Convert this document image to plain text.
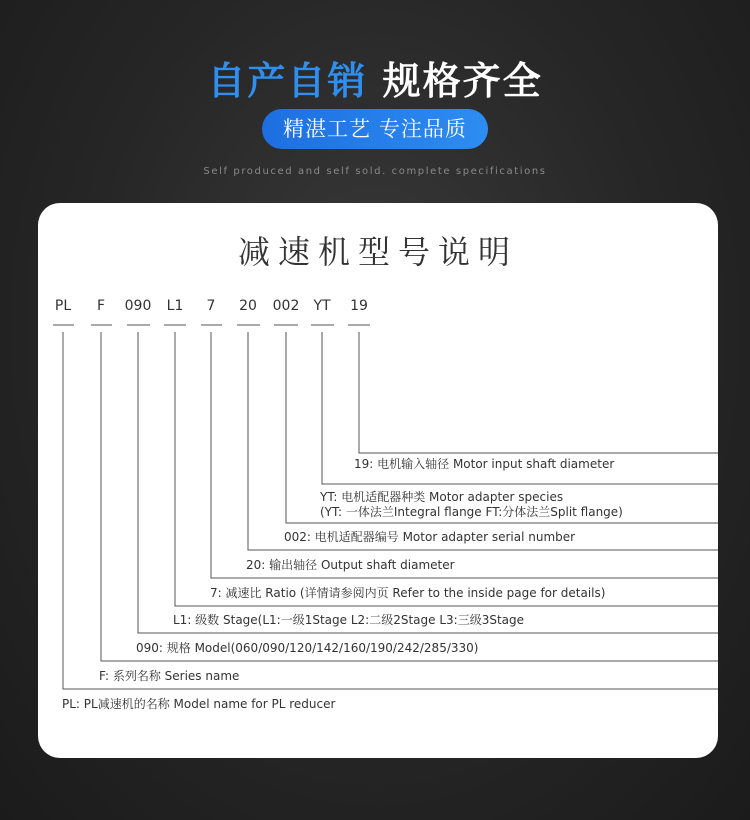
自产自销 规格齐全
精湛工艺 专注品质
Self produced and self sold. complete specifications
减速机型号说明
PL F 090 L1 7 20 002 YT 19
19: 电机输入轴径 Motor input shaft diameter
YT: 电机适配器种类 Motor adapter species
(YT: 一体法兰Integral flange FT:分体法兰Split flange)
002: 电机适配器编号 Motor adapter serial number
20: 输出轴径 Output shaft diameter
7: 减速比 Ratio (详情请参阅内页 Refer to the inside page for details)
L1: 级数 Stage(L1:一级1Stage L2:二级2Stage L3:三级3Stage
090: 规格 Model(060/090/120/142/160/190/242/285/330)
F: 系列名称 Series name
PL: PL减速机的名称 Model name for PL reducer
